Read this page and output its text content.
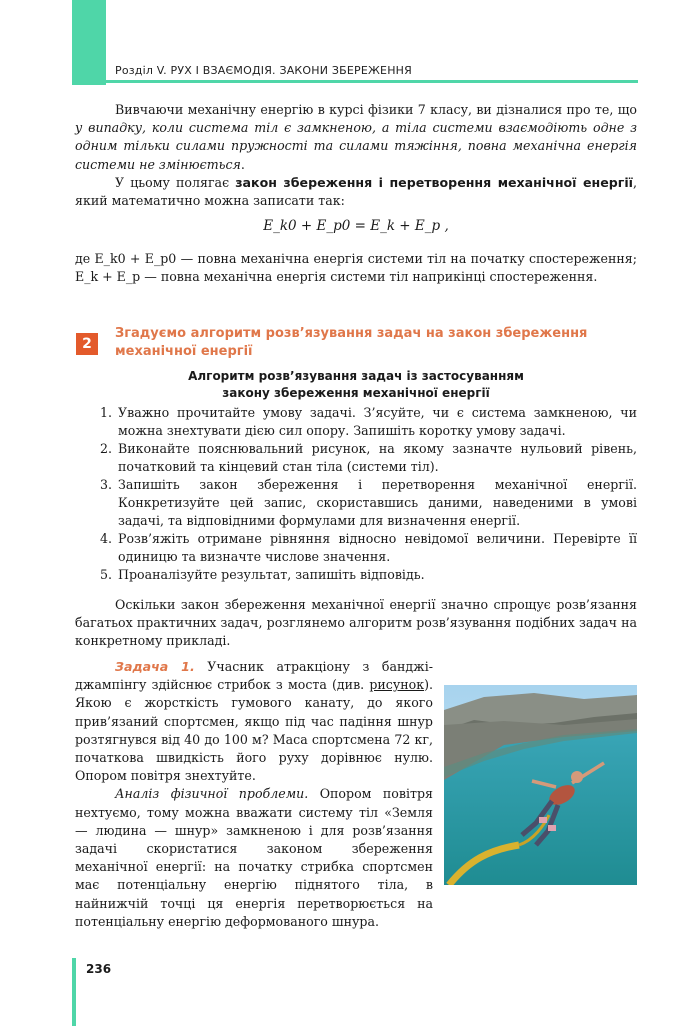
Розділ V. РУХ І ВЗАЄМОДІЯ. ЗАКОНИ ЗБЕРЕЖЕННЯ
Вивчаючи механічну енергію в курсі фізики 7 класу, ви дізналися про те, що у випадку, коли система тіл є замкненою, а тіла системи взаємодіють одне з одним тільки силами пружності та силами тяжіння, повна механічна енергія системи не змінюється.
У цьому полягає закон збереження і перетворення механічної енергії, який математично можна записати так:
E_k0 + E_p0 = E_k + E_p ,
де E_k0 + E_p0 — повна механічна енергія системи тіл на початку спостереження; E_k + E_p — повна механічна енергія системи тіл наприкінці спостереження.
2
Згадуємо алгоритм розв’язування задач на закон збереження механічної енергії
Алгоритм розв’язування задач із застосуванням
закону збереження механічної енергії
1. Уважно прочитайте умову задачі. З’ясуйте, чи є система замкненою, чи можна знехтувати дією сил опору. Запишіть коротку умову задачі.
2. Виконайте пояснювальний рисунок, на якому зазначте нульовий рівень, початковий та кінцевий стан тіла (системи тіл).
3. Запишіть закон збереження і перетворення механічної енергії. Конкретизуйте цей запис, скориставшись даними, наведеними в умові задачі, та відповідними формулами для визначення енергії.
4. Розв’яжіть отримане рівняння відносно невідомої величини. Перевірте її одиницю та визначте числове значення.
5. Проаналізуйте результат, запишіть відповідь.
Оскільки закон збереження механічної енергії значно спрощує розв’язання багатьох практичних задач, розглянемо алгоритм розв’язування подібних задач на конкретному прикладі.
Задача 1. Учасник атракціону з банджі-джампінгу здійснює стрибок з моста (див. рисунок). Якою є жорсткість гумового канату, до якого прив’язаний спортсмен, якщо під час падіння шнур розтягнувся від 40 до 100 м? Маса спортсмена 72 кг, початкова швидкість його руху дорівнює нулю. Опором повітря знехтуйте.
Аналіз фізичної проблеми. Опором повітря нехтуємо, тому можна вважати систему тіл «Земля — людина — шнур» замкненою і для розв’язання задачі скористатися законом збереження механічної енергії: на початку стрибка спортсмен має потенціальну енергію піднятого тіла, в найнижчій точці ця енергія перетворюється на потенціальну енергію деформованого шнура.
236
